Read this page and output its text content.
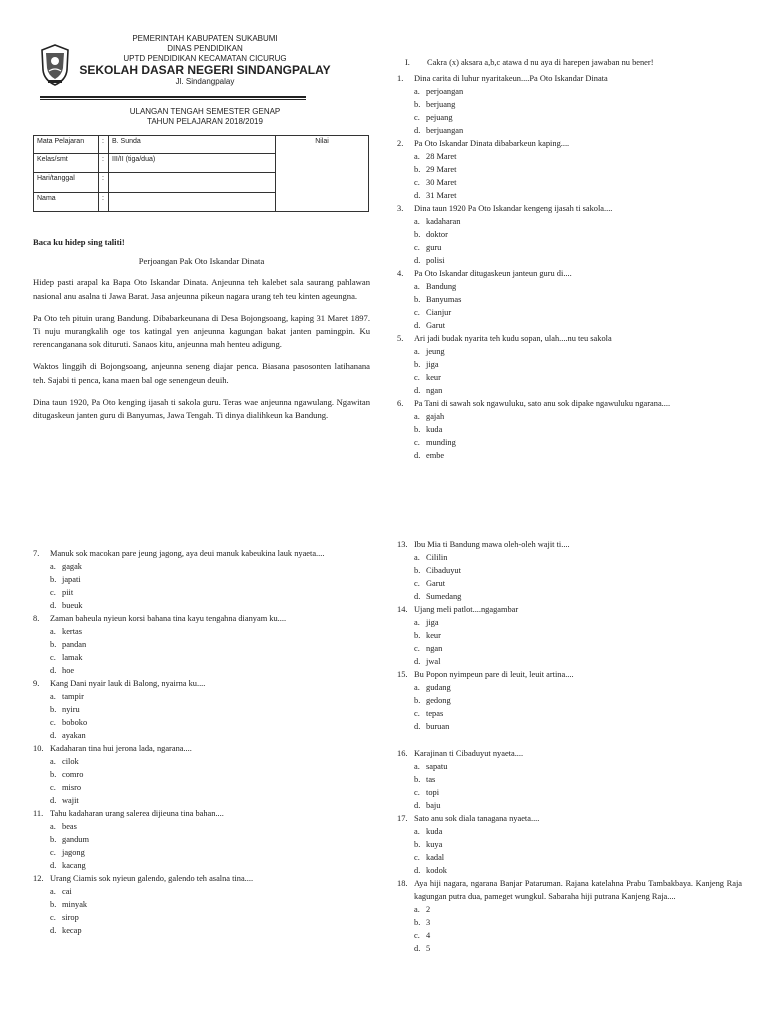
PEMERINTAH KABUPATEN SUKABUMI
DINAS PENDIDIKAN
UPTD PENDIDIKAN KECAMATAN CICURUG
SEKOLAH DASAR NEGERI SINDANGPALAY
Jl. Sindangpalay
ULANGAN TENGAH SEMESTER GENAP
TAHUN PELAJARAN 2018/2019
Mata Pelajaran	:	B. Sunda	Nilai
Kelas/smt	:	III/II (tiga/dua)	
Hari/tanggal	:		
Nama	:		
Baca ku hidep sing taliti!
Perjoangan Pak Oto Iskandar Dinata

Hidep pasti arapal ka Bapa Oto Iskandar Dinata. Anjeunna teh kalebet sala saurang pahlawan nasional anu asalna ti Jawa Barat. Jasa anjeunna pikeun nagara urang teh teu kinten ageungna.

Pa Oto teh pituin urang Bandung. Dibabarkeunana di Desa Bojongsoang, kaping 31 Maret 1897. Ti nuju murangkalih oge tos katingal yen anjeunna kagungan bakat janten pamingpin. Ku rerencanganana sok dituruti. Sanaos kitu, anjeunna mah henteu adigung.

Waktos linggih di Bojongsoang, anjeunna seneng diajar penca. Biasana pasosonten latihanana teh. Sajabi ti penca, kana maen bal oge senengeun deuih.

Dina taun 1920, Pa Oto kenging ijasah ti sakola guru. Teras wae anjeunna ngawulang. Ngawitan ditugaskeun janten guru di Banyumas, Jawa Tengah. Ti dinya dialihkeun ka Bandung.

I. Cakra (x) aksara a,b,c atawa d nu aya di harepen jawaban nu bener!
1. Dina carita di luhur nyaritakeun....Pa Oto Iskandar Dinata
a. perjoangan
b. berjuang
c. pejuang
d. berjuangan
2. Pa Oto Iskandar Dinata dibabarkeun kaping....
a. 28 Maret
b. 29 Maret
c. 30 Maret
d. 31 Maret
3. Dina taun 1920 Pa Oto Iskandar kengeng ijasah ti sakola....
a. kadaharan
b. doktor
c. guru
d. polisi
4. Pa Oto Iskandar ditugaskeun janteun guru di....
a. Bandung
b. Banyumas
c. Cianjur
d. Garut
5. Ari jadi budak nyarita teh kudu sopan, ulah....nu teu sakola
a. jeung
b. jiga
c. keur
d. ngan
6. Pa Tani di sawah sok ngawuluku, sato anu sok dipake ngawuluku ngarana....
a. gajah
b. kuda
c. munding
d. embe
7. Manuk sok macokan pare jeung jagong, aya deui manuk kabeukina lauk nyaeta....
a. gagak
b. japati
c. piit
d. bueuk
8. Zaman baheula nyieun korsi bahana tina kayu tengahna dianyam ku....
a. kertas
b. pandan
c. lamak
d. hoe
9. Kang Dani nyair lauk di Balong, nyairna ku....
a. tampir
b. nyiru
c. boboko
d. ayakan
10. Kadaharan tina hui jerona lada, ngarana....
a. cilok
b. comro
c. misro
d. wajit
11. Tahu kadaharan urang salerea dijieuna tina bahan....
a. beas
b. gandum
c. jagong
d. kacang
12. Urang Ciamis sok nyieun galendo, galendo teh asalna tina....
a. cai
b. minyak
c. sirop
d. kecap
13. Ibu Mia ti Bandung mawa oleh-oleh wajit ti....
a. Cililin
b. Cibaduyut
c. Garut
d. Sumedang
14. Ujang meli patlot....ngagambar
a. jiga
b. keur
c. ngan
d. jwal
15. Bu Popon nyimpeun pare di leuit, leuit artina....
a. gudang
b. gedong
c. tepas
d. buruan
16. Karajinan ti Cibaduyut nyaeta....
a. sapatu
b. tas
c. topi
d. baju
17. Sato anu sok diala tanagana nyaeta....
a. kuda
b. kuya
c. kadal
d. kodok
18. Aya hiji nagara, ngarana Banjar Pataruman. Rajana katelahna Prabu Tambakbaya. Kanjeng Raja kagungan putra dua, pameget wungkul. Sabaraha hiji putrana Kanjeng Raja....
a. 2
b. 3
c. 4
d. 5
